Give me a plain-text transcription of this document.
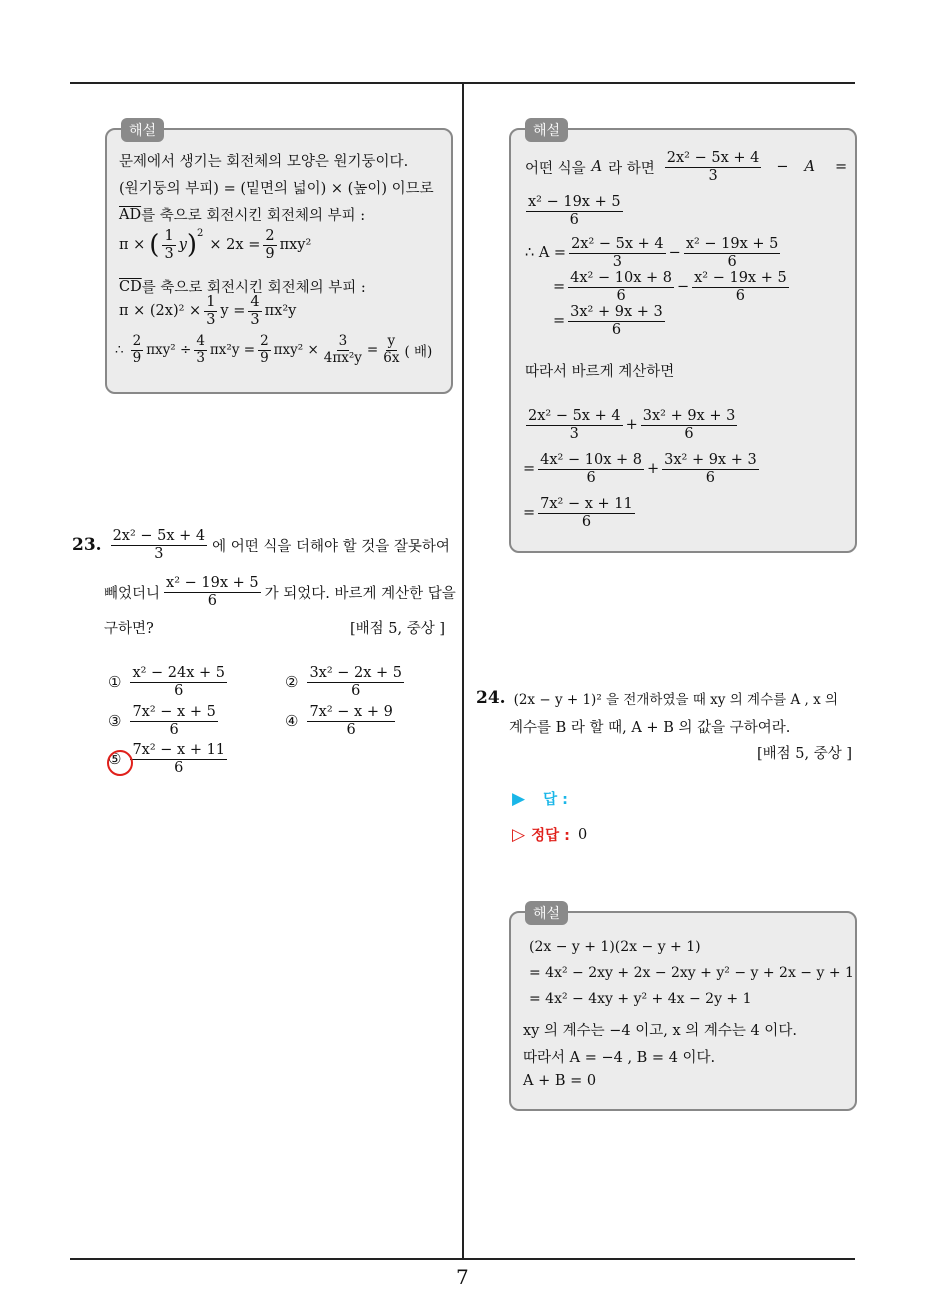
해설
문제에서 생기는 회전체의 모양은 원기둥이다.
(원기둥의 부피) = (밑면의 넓이) × (높이) 이므로
$\overline{AD}$ 를 축으로 회전시킨 회전체의 부피 :
π × ( $\frac{1}{3}$ y )$^2$
× $2x = \frac{2}{9} \pi xy^2$
$\overline{CD}$ 를 축으로 회전시킨 회전체의 부피 :
$\pi \times (2x)^2 \times \frac{1}{3}$ $y = \frac{4}{3} \pi x^2y$
∴ $\frac{2}{9} \pi xy^2 \div \frac{4}{3} \pi x^2y = \frac{2}{9} \pi xy^2 \times \frac{3}{\text{4πx²y}} = \frac{y}{6x}$ ( 배)
23. $\frac{\text{2x² − 5x + 4}}{3}$ 에 어떤 식을 더해야 할 것을 잘못하여
빼었더니 $\frac{\text{x² − 19x + 5}}{6}$ 가 되었다. 바르게 계산한 답을
구하면?	[배점 5, 중상 ]
① $\frac{\text{x² − 24x + 5}}{6}$	② $\frac{\text{3x² − 2x + 5}}{6}$
③ $\frac{\text{7x² − x + 5}}{6}$	④ $\frac{\text{7x² − x + 9}}{6}$
⑤ $\frac{\text{7x² − x + 11}}{6}$
해설
어떤 식을 A 라 하면 $\frac{\text{2x² − 5x + 4}}{3} - A$ =
$\frac{\text{x² − 19x + 5}}{6}$
∴ $A = \frac{\text{2x² − 5x + 4}}{3} - \frac{\text{x² − 19x + 5}}{6}$
= $\frac{\text{4x² − 10x + 8}}{6} - \frac{\text{x² − 19x + 5}}{6}$
= $\frac{\text{3x² + 9x + 3}}{6}$
따라서 바르게 계산하면
$\frac{\text{2x² − 5x + 4}}{3} + \frac{\text{3x² + 9x + 3}}{6}$
= $\frac{\text{4x² − 10x + 8}}{6} + \frac{\text{3x² + 9x + 3}}{6}$
= $\frac{\text{7x² − x + 11}}{6}$
24. (2x − y + 1)² 을 전개하였을 때 xy 의 계수를 A , x 의
계수를 B 라 할 때, A + B 의 값을 구하여라.
[배점 5, 중상 ]
▶ 답 :
▷ 정답 : 0
해설
(2x − y + 1)(2x − y + 1)
= 4x² − 2xy + 2x − 2xy + y² − y + 2x − y + 1
= 4x² − 4xy + y² + 4x − 2y + 1
xy 의 계수는 −4 이고, x 의 계수는 4 이다.
따라서 A = −4 , B = 4 이다.
A + B = 0
7
